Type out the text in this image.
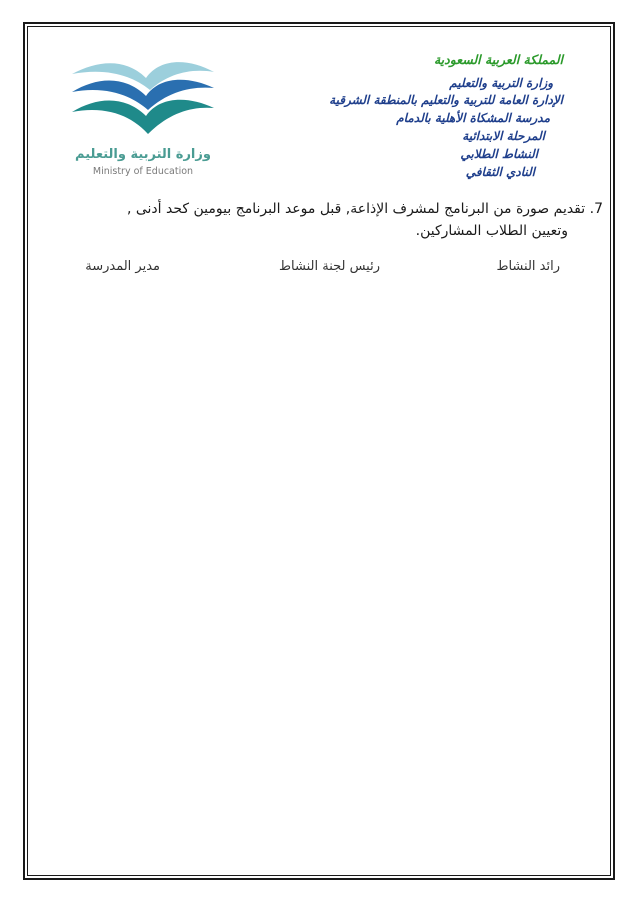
وزارة التربية والتعليم
Ministry of Education
المملكة العربية السعودية
وزارة التربية والتعليم
الإدارة العامة للتربية والتعليم بالمنطقة الشرقية
مدرسة المشكاة الأهلية بالدمام
المرحلة الابتدائية
النشاط الطلابي
النادي الثقافي
7. تقديم صورة من البرنامج لمشرف الإذاعة, قبل موعد البرنامج بيومين كحد أدنى ,
وتعيين الطلاب المشاركين.
رائد النشاط
رئيس لجنة النشاط
مدير المدرسة
